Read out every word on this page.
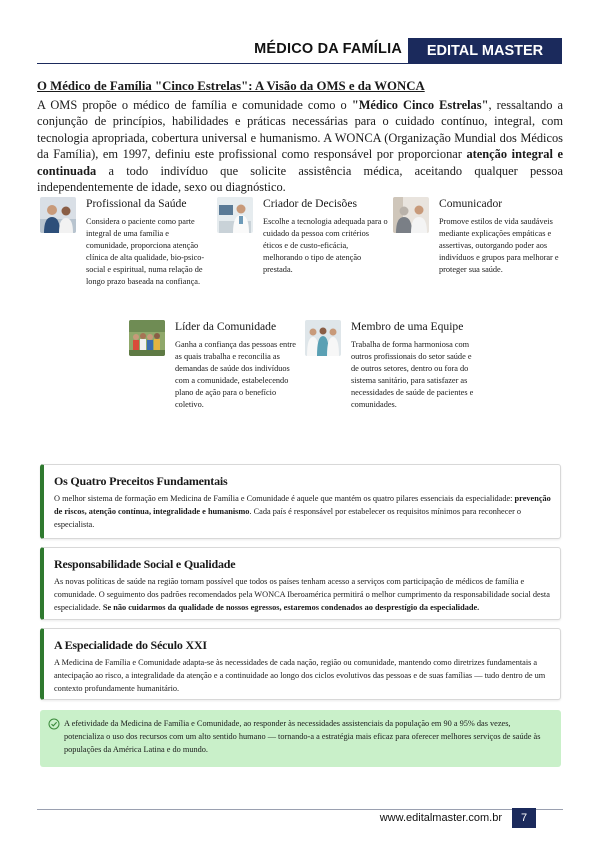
MÉDICO DA FAMÍLIA	EDITAL MASTER
O Médico de Família "Cinco Estrelas": A Visão da OMS e da WONCA
A OMS propõe o médico de família e comunidade como o "Médico Cinco Estrelas", ressaltando a conjunção de princípios, habilidades e práticas necessárias para o cuidado contínuo, integral, com tecnologia apropriada, cobertura universal e humanismo. A WONCA (Organização Mundial dos Médicos da Família), em 1997, definiu este profissional como responsável por proporcionar atenção integral e continuada a todo indivíduo que solicite assistência médica, aceitando qualquer pessoa independentemente de idade, sexo ou diagnóstico.
Profissional da Saúde
Considera o paciente como parte integral de uma família e comunidade, proporciona atenção clínica de alta qualidade, bio-psico-social e espiritual, numa relação de longo prazo baseada na confiança.
Criador de Decisões
Escolhe a tecnologia adequada para o cuidado da pessoa com critérios éticos e de custo-eficácia, melhorando o tipo de atenção prestada.
Comunicador
Promove estilos de vida saudáveis mediante explicações empáticas e assertivas, outorgando poder aos indivíduos e grupos para melhorar e proteger sua saúde.
Líder da Comunidade
Ganha a confiança das pessoas entre as quais trabalha e reconcilia as demandas de saúde dos indivíduos com a comunidade, estabelecendo plano de ação para o benefício coletivo.
Membro de uma Equipe
Trabalha de forma harmoniosa com outros profissionais do setor saúde e de outros setores, dentro ou fora do sistema sanitário, para satisfazer as necessidades de saúde de pacientes e comunidades.
Os Quatro Preceitos Fundamentais
O melhor sistema de formação em Medicina de Família e Comunidade é aquele que mantém os quatro pilares essenciais da especialidade: prevenção de riscos, atenção contínua, integralidade e humanismo. Cada país é responsável por estabelecer os requisitos mínimos para reconhecer o especialista.
Responsabilidade Social e Qualidade
As novas políticas de saúde na região tornam possível que todos os países tenham acesso a serviços com participação de médicos de família e comunidade. O seguimento dos padrões recomendados pela WONCA Iberoamérica permitirá o melhor cumprimento da responsabilidade social desta especialidade. Se não cuidarmos da qualidade de nossos egressos, estaremos condenados ao desprestígio da especialidade.
A Especialidade do Século XXI
A Medicina de Família e Comunidade adapta-se às necessidades de cada nação, região ou comunidade, mantendo como diretrizes fundamentais a antecipação ao risco, a integralidade da atenção e a continuidade ao longo dos ciclos evolutivos das pessoas e de suas famílias — tudo dentro de um contexto profundamente humanitário.
A efetividade da Medicina de Família e Comunidade, ao responder às necessidades assistenciais da população em 90 a 95% das vezes, potencializa o uso dos recursos com um alto sentido humano — tornando-a a estratégia mais eficaz para oferecer melhores serviços de saúde às populações da América Latina e do mundo.
www.editalmaster.com.br	7
